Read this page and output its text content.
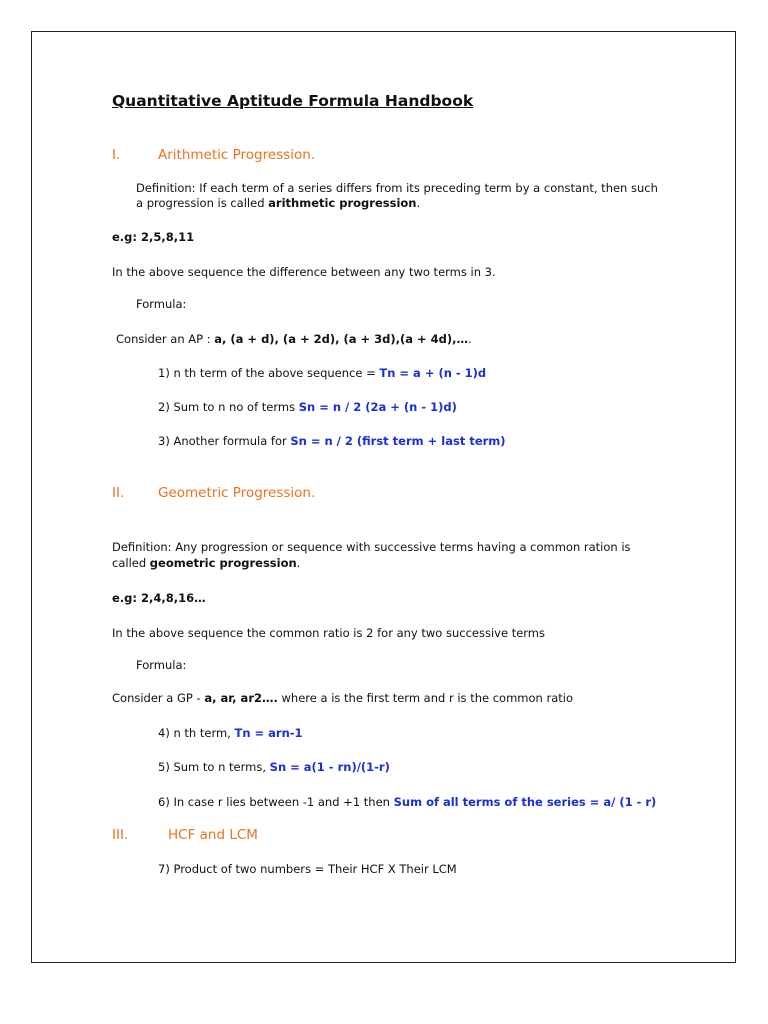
Quantitative Aptitude Formula Handbook
I.	Arithmetic Progression.
Definition: If each term of a series differs from its preceding term by a constant, then such
a progression is called arithmetic progression.
e.g: 2,5,8,11
In the above sequence the difference between any two terms in 3.
Formula:
Consider an AP : a, (a + d), (a + 2d), (a + 3d),(a + 4d),….
1) n th term of the above sequence = Tn = a + (n - 1)d
2) Sum to n no of terms Sn = n / 2 (2a + (n - 1)d)
3) Another formula for Sn = n / 2 (first term + last term)
II. Geometric Progression.
Definition: Any progression or sequence with successive terms having a common ration is
called geometric progression.
e.g: 2,4,8,16…
In the above sequence the common ratio is 2 for any two successive terms
Formula:
Consider a GP - a, ar, ar2…. where a is the first term and r is the common ratio
4) n th term, Tn = arn-1
5) Sum to n terms, Sn = a(1 - rn)/(1-r)
6) In case r lies between -1 and +1 then Sum of all terms of the series = a/ (1 - r)
III.	HCF and LCM
7) Product of two numbers = Their HCF X Their LCM
